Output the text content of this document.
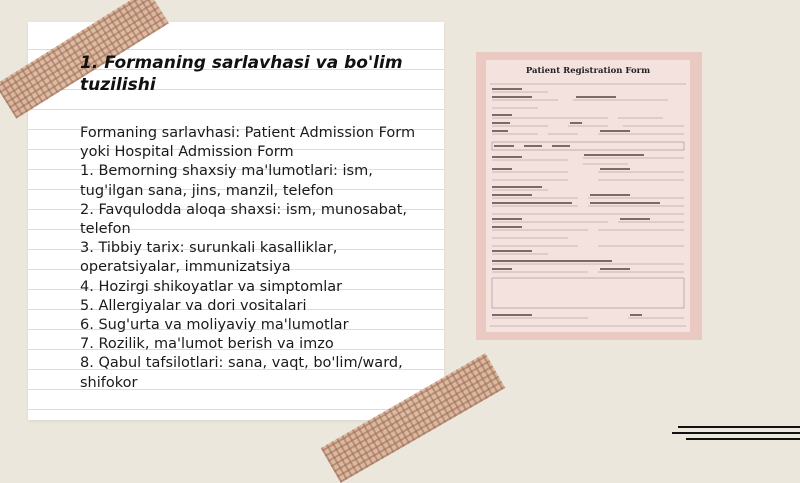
1. Formaning sarlavhasi va bo'lim tuzilishi

Formaning sarlavhasi: Patient Admission Form yoki Hospital Admission Form

1. Bemorning shaxsiy ma'lumotlari: ism, tug'ilgan sana, jins, manzil, telefon

2. Favqulodda aloqa shaxsi: ism, munosabat, telefon

3. Tibbiy tarix: surunkali kasalliklar, operatsiyalar, immunizatsiya

4. Hozirgi shikoyatlar va simptomlar

5. Allergiyalar va dori vositalari

6. Sug'urta va moliyaviy ma'lumotlar

7. Rozilik, ma'lumot berish va imzo

8. Qabul tafsilotlari: sana, vaqt, bo'lim/ward, shifokor

Patient Registration Form
